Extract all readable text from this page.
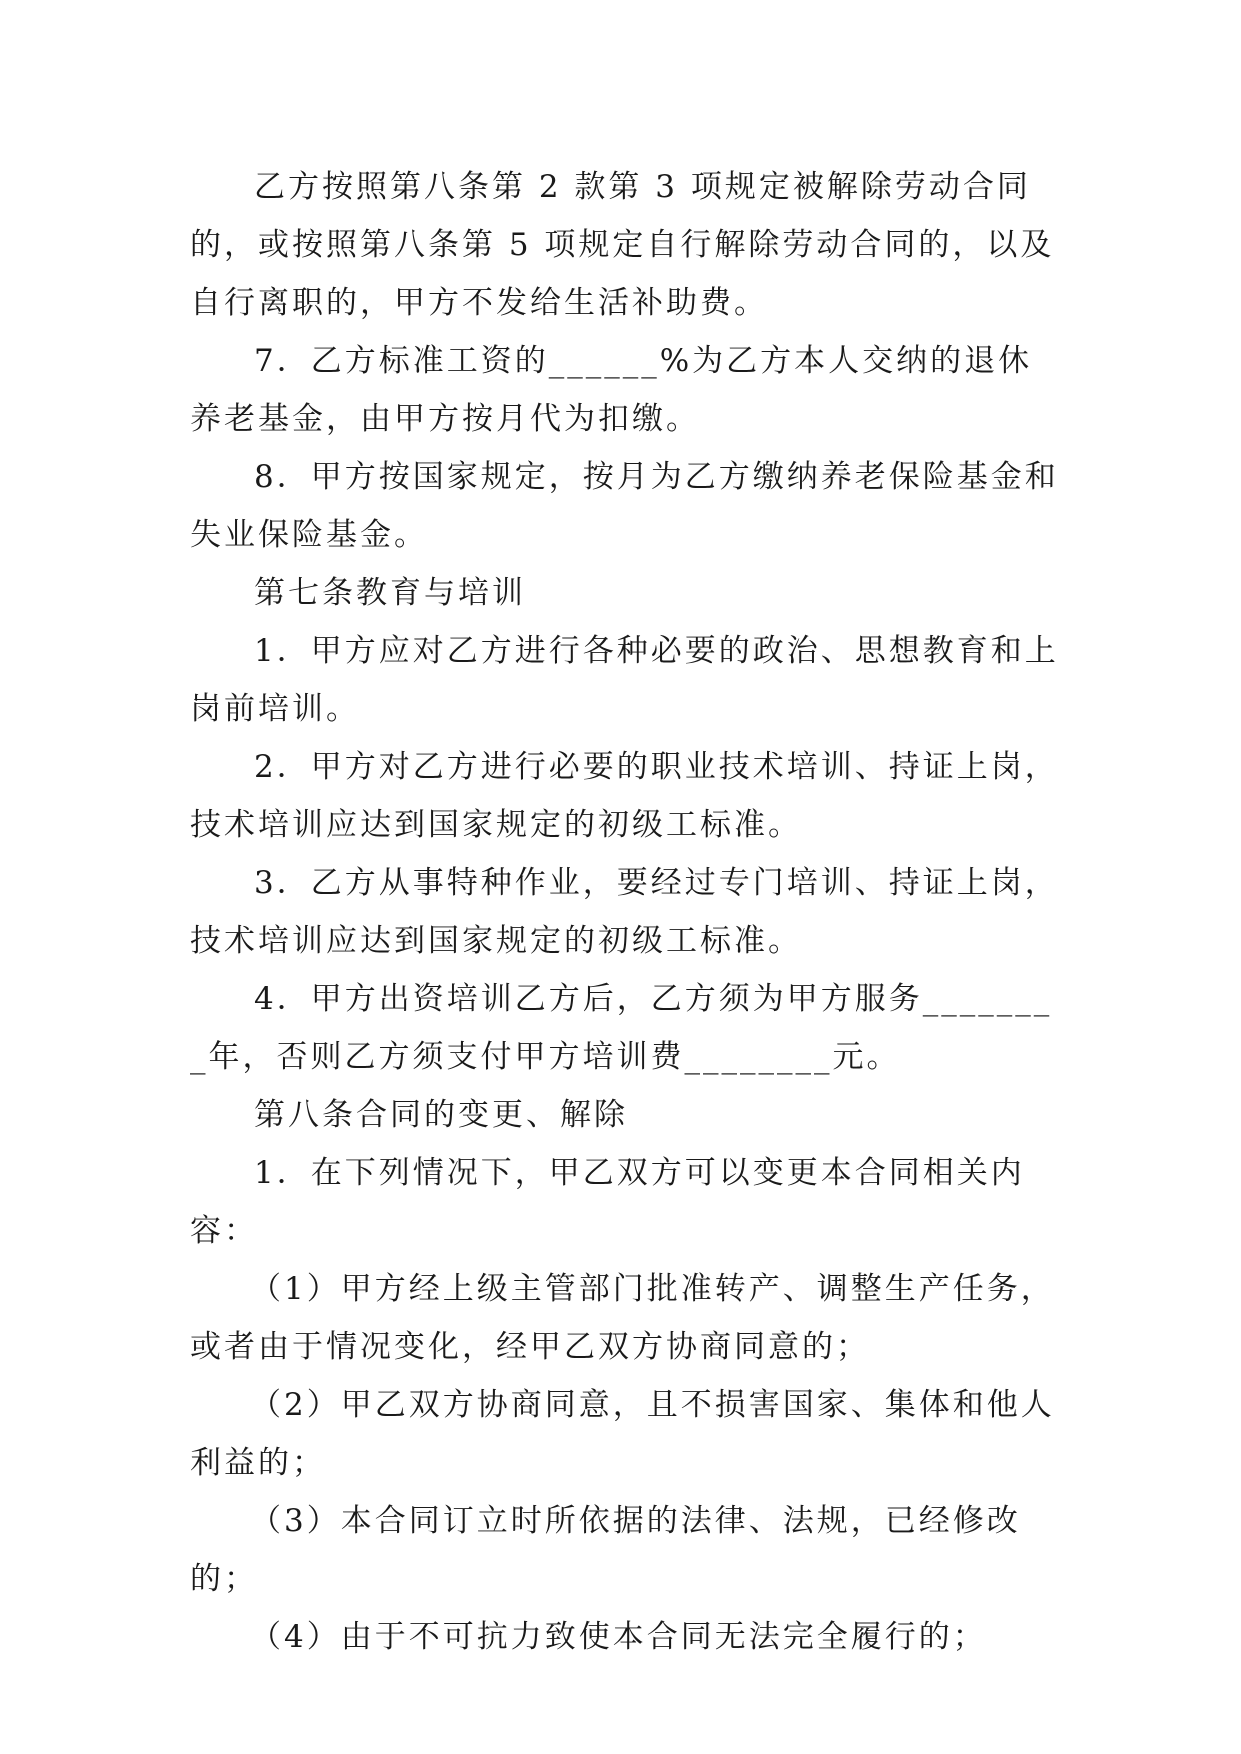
乙方按照第八条第 2 款第 3 项规定被解除劳动合同的，或按照第八条第 5 项规定自行解除劳动合同的，以及自行离职的，甲方不发给生活补助费。

7．乙方标准工资的______%为乙方本人交纳的退休养老基金，由甲方按月代为扣缴。

8．甲方按国家规定，按月为乙方缴纳养老保险基金和失业保险基金。

第七条教育与培训

1．甲方应对乙方进行各种必要的政治、思想教育和上岗前培训。

2．甲方对乙方进行必要的职业技术培训、持证上岗，技术培训应达到国家规定的初级工标准。

3．乙方从事特种作业，要经过专门培训、持证上岗，技术培训应达到国家规定的初级工标准。

4．甲方出资培训乙方后，乙方须为甲方服务________年，否则乙方须支付甲方培训费________元。

第八条合同的变更、解除

1．在下列情况下，甲乙双方可以变更本合同相关内容：

（1）甲方经上级主管部门批准转产、调整生产任务，或者由于情况变化，经甲乙双方协商同意的；

（2）甲乙双方协商同意，且不损害国家、集体和他人利益的；

（3）本合同订立时所依据的法律、法规，已经修改的；

（4）由于不可抗力致使本合同无法完全履行的；
